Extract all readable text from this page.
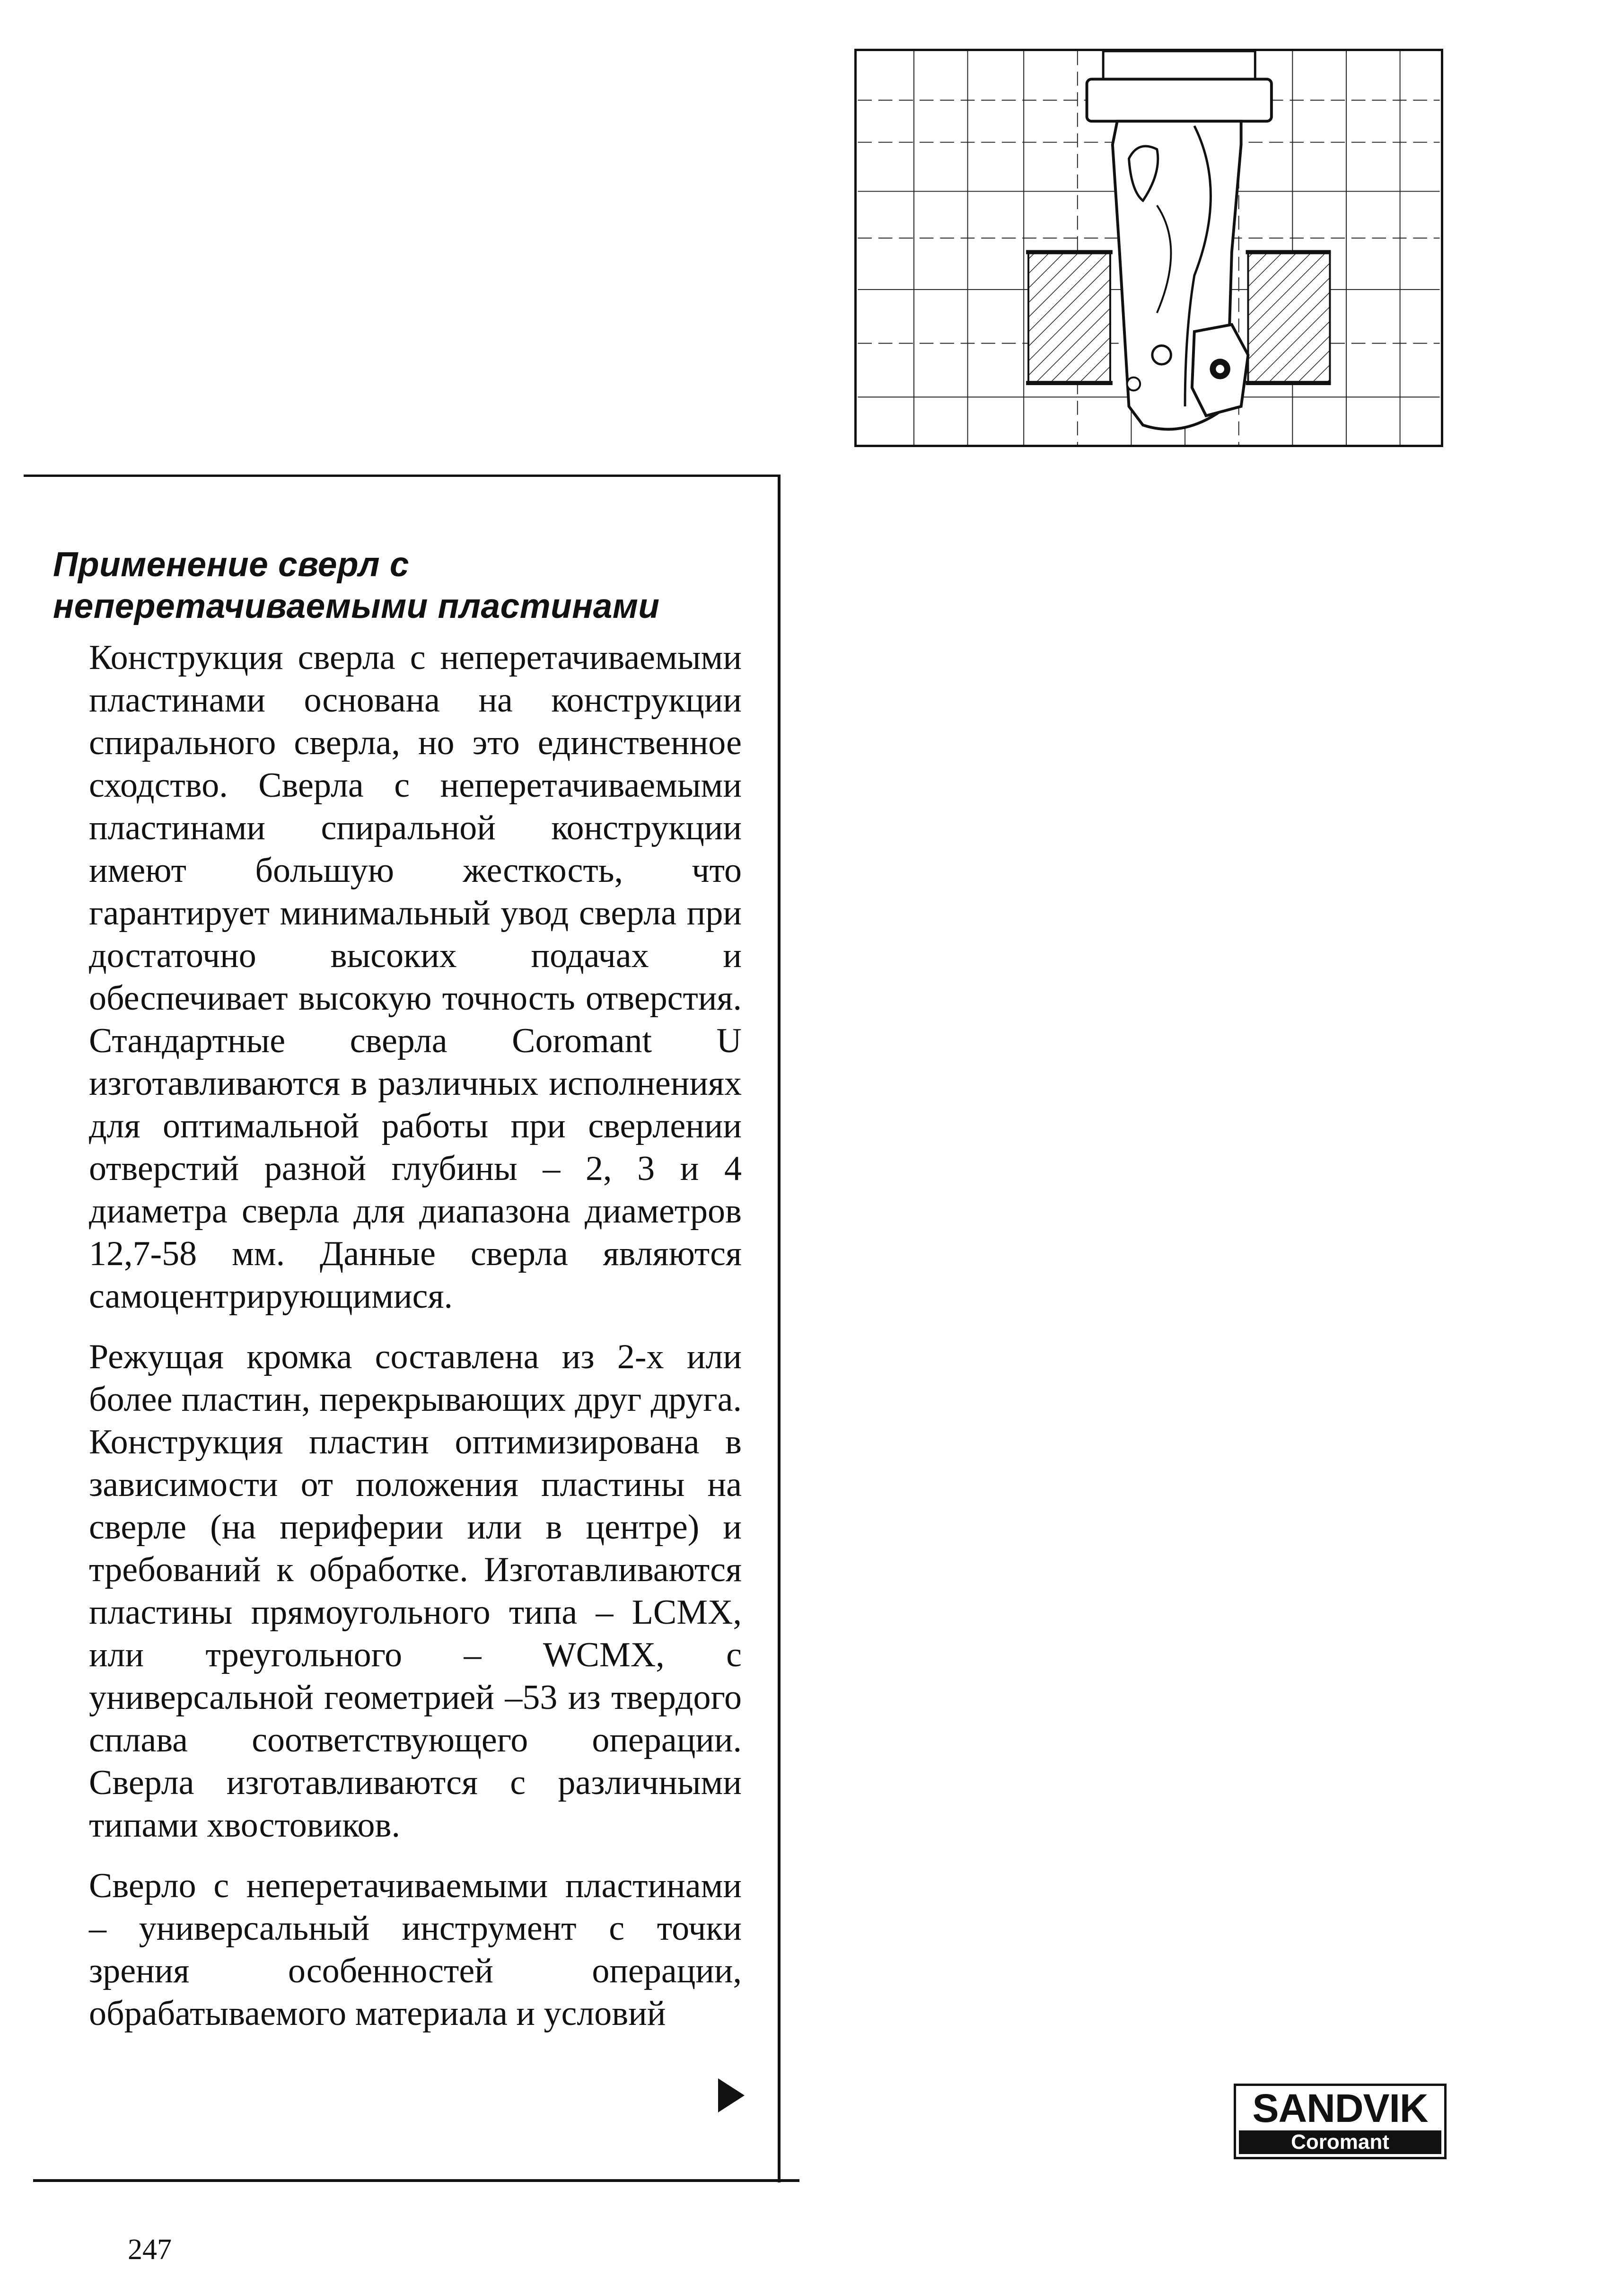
Применение сверл с
неперетачиваемыми пластинами

Конструкция сверла с неперетачиваемыми пластинами основана на конструкции спирального сверла, но это единственное сходство. Сверла с неперетачиваемыми пластинами спиральной конструкции имеют большую жесткость, что гарантирует минимальный увод сверла при достаточно высоких подачах и обеспечивает высокую точность отверстия. Стандартные сверла Coromant U изготавливаются в различных исполнениях для оптимальной работы при сверлении отверстий разной глубины – 2, 3 и 4 диаметра сверла для диапазона диаметров 12,7-58 мм. Данные сверла являются самоцентрирующимися.

Режущая кромка составлена из 2-х или более пластин, перекрывающих друг друга. Конструкция пластин оптимизирована в зависимости от положения пластины на сверле (на периферии или в центре) и требований к обработке. Изготавливаются пластины прямоугольного типа – LCMX, или треугольного – WCMX, с универсальной геометрией –53 из твердого сплава соответствующего операции. Сверла изготавливаются с различными типами хвостовиков.

Сверло с неперетачиваемыми пластинами – универсальный инструмент с точки зрения особенностей операции, обрабатываемого материала и условий

SANDVIK
Coromant
247
